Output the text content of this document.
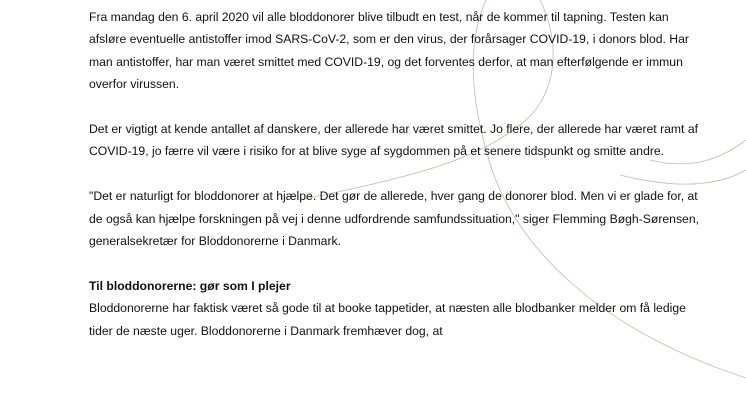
Fra mandag den 6. april 2020 vil alle bloddonorer blive tilbudt en test, når de kommer til tapning. Testen kan afsløre eventuelle antistoffer imod SARS-CoV-2, som er den virus, der forårsager COVID-19, i donors blod. Har man antistoffer, har man været smittet med COVID-19, og det forventes derfor, at man efterfølgende er immun overfor virussen.

Det er vigtigt at kende antallet af danskere, der allerede har været smittet. Jo flere, der allerede har været ramt af COVID-19, jo færre vil være i risiko for at blive syge af sygdommen på et senere tidspunkt og smitte andre.

"Det er naturligt for bloddonorer at hjælpe. Det gør de allerede, hver gang de donorer blod. Men vi er glade for, at de også kan hjælpe forskningen på vej i denne udfordrende samfundssituation," siger Flemming Bøgh-Sørensen, generalsekretær for Bloddonorerne i Danmark.

Til bloddonorerne: gør som I plejer

Bloddonorerne har faktisk været så gode til at booke tappetider, at næsten alle blodbanker melder om få ledige tider de næste uger. Bloddonorerne i Danmark fremhæver dog, at
